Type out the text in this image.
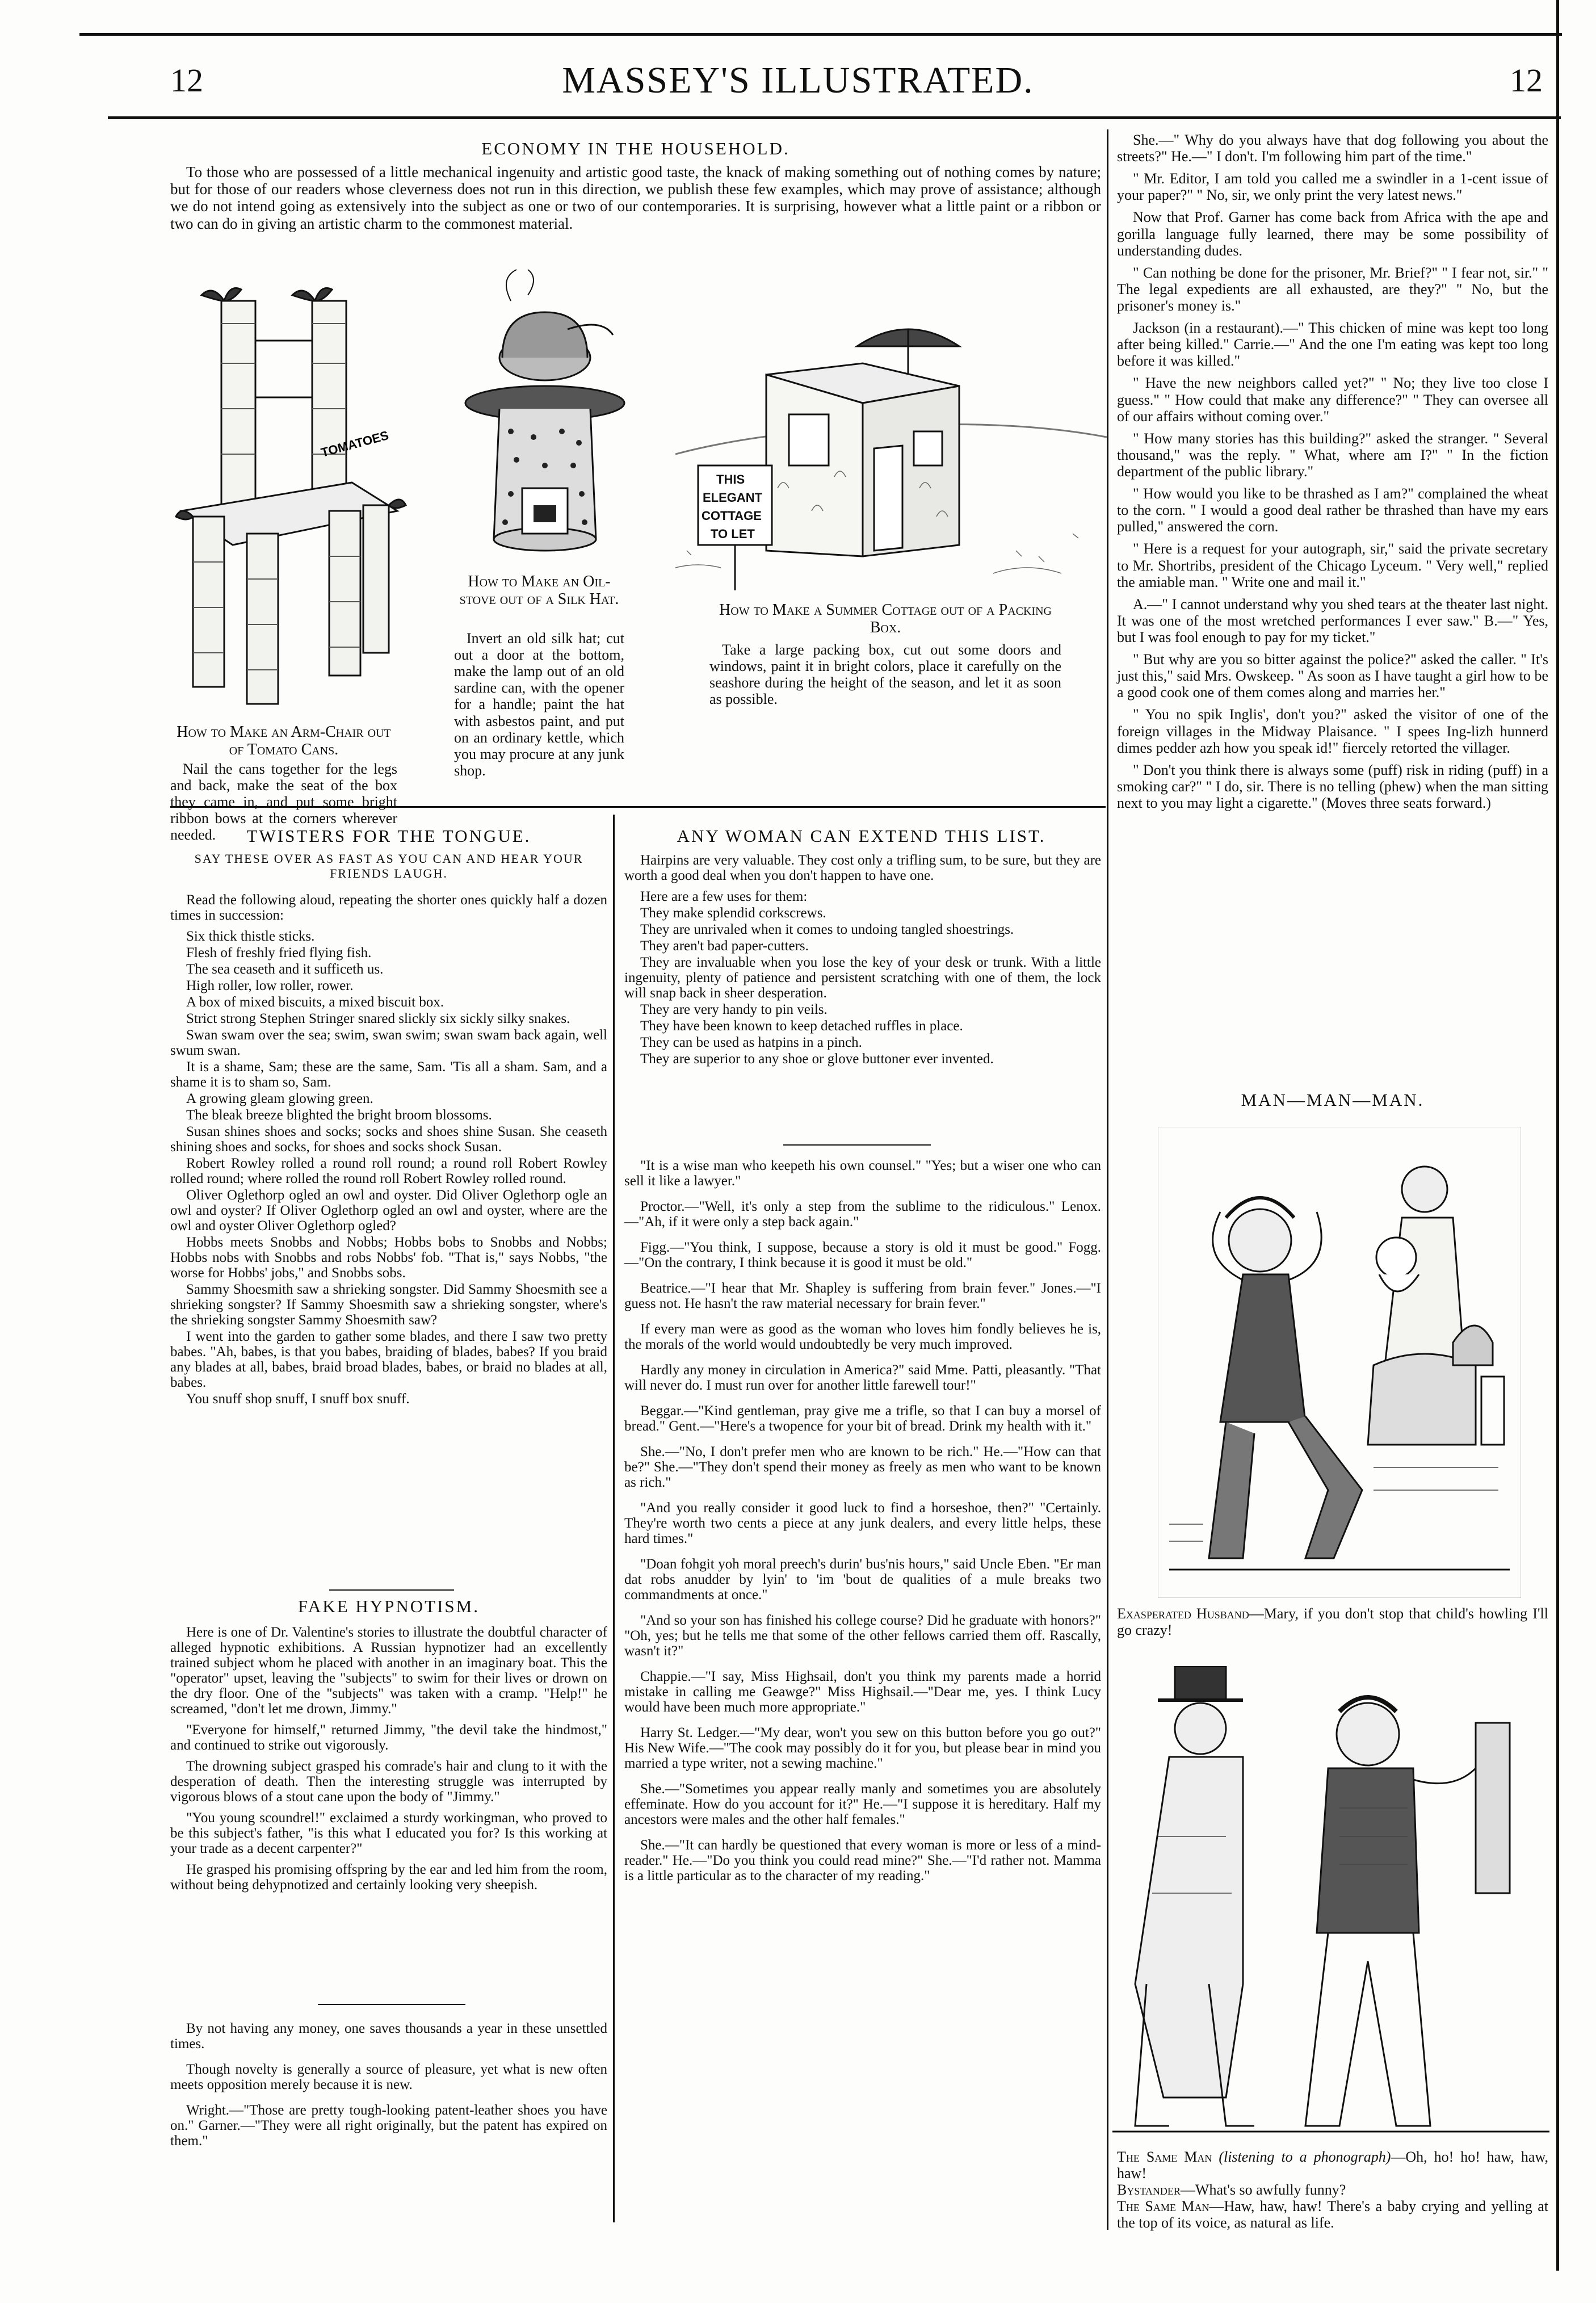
12	MASSEY'S ILLUSTRATED.	12
ECONOMY IN THE HOUSEHOLD.

To those who are possessed of a little mechanical ingenuity and artistic good taste, the knack of making something out of nothing comes by nature; but for those of our readers whose cleverness does not run in this direction, we publish these few examples, which may prove of assistance; although we do not intend going as extensively into the subject as one or two of our contemporaries. It is surprising, however what a little paint or a ribbon or two can do in giving an artistic charm to the commonest material.

TOMATOES
How to Make an Arm-Chair out of Tomato Cans.

Nail the cans together for the legs and back, make the seat of the box they came in, and put some bright ribbon bows at the corners wherever needed.

How to Make an Oil-stove out of a Silk Hat.

Invert an old silk hat; cut out a door at the bottom, make the lamp out of an old sardine can, with the opener for a handle; paint the hat with asbestos paint, and put on an ordinary kettle, which you may procure at any junk shop.

THIS
ELEGANT
COTTAGE
TO LET
How to Make a Summer Cottage out of a Packing Box.

Take a large packing box, cut out some doors and windows, paint it in bright colors, place it carefully on the seashore during the height of the season, and let it as soon as possible.

She.—" Why do you always have that dog following you about the streets?" He.—" I don't. I'm following him part of the time."

" Mr. Editor, I am told you called me a swindler in a 1-cent issue of your paper?" " No, sir, we only print the very latest news."

Now that Prof. Garner has come back from Africa with the ape and gorilla language fully learned, there may be some possibility of understanding dudes.

" Can nothing be done for the prisoner, Mr. Brief?" " I fear not, sir." " The legal expedients are all exhausted, are they?" " No, but the prisoner's money is."

Jackson (in a restaurant).—" This chicken of mine was kept too long after being killed." Carrie.—" And the one I'm eating was kept too long before it was killed."

" Have the new neighbors called yet?" " No; they live too close I guess." " How could that make any difference?" " They can oversee all of our affairs without coming over."

" How many stories has this building?" asked the stranger. " Several thousand," was the reply. " What, where am I?" " In the fiction department of the public library."

" How would you like to be thrashed as I am?" complained the wheat to the corn. " I would a good deal rather be thrashed than have my ears pulled," answered the corn.

" Here is a request for your autograph, sir," said the private secretary to Mr. Shortribs, president of the Chicago Lyceum. " Very well," replied the amiable man. " Write one and mail it."

A.—" I cannot understand why you shed tears at the theater last night. It was one of the most wretched performances I ever saw." B.—" Yes, but I was fool enough to pay for my ticket."

" But why are you so bitter against the police?" asked the caller. " It's just this," said Mrs. Owskeep. " As soon as I have taught a girl how to be a good cook one of them comes along and marries her."

" You no spik Inglis', don't you?" asked the visitor of one of the foreign villages in the Midway Plaisance. " I spees Ing-lizh hunnerd dimes pedder azh how you speak id!" fiercely retorted the villager.

" Don't you think there is always some (puff) risk in riding (puff) in a smoking car?" " I do, sir. There is no telling (phew) when the man sitting next to you may light a cigarette." (Moves three seats forward.)

MAN—MAN—MAN.

Exasperated Husband—Mary, if you don't stop that child's howling I'll go crazy!

The Same Man (listening to a phonograph)—Oh, ho! ho! haw, haw, haw!

Bystander—What's so awfully funny?

The Same Man—Haw, haw, haw! There's a baby crying and yelling at the top of its voice, as natural as life.

TWISTERS FOR THE TONGUE.
SAY THESE OVER AS FAST AS YOU CAN AND HEAR YOUR FRIENDS LAUGH.

Read the following aloud, repeating the shorter ones quickly half a dozen times in succession:

Six thick thistle sticks.

Flesh of freshly fried flying fish.

The sea ceaseth and it sufficeth us.

High roller, low roller, rower.

A box of mixed biscuits, a mixed biscuit box.

Strict strong Stephen Stringer snared slickly six sickly silky snakes.

Swan swam over the sea; swim, swan swim; swan swam back again, well swum swan.

It is a shame, Sam; these are the same, Sam. 'Tis all a sham. Sam, and a shame it is to sham so, Sam.

A growing gleam glowing green.

The bleak breeze blighted the bright broom blossoms.

Susan shines shoes and socks; socks and shoes shine Susan. She ceaseth shining shoes and socks, for shoes and socks shock Susan.

Robert Rowley rolled a round roll round; a round roll Robert Rowley rolled round; where rolled the round roll Robert Rowley rolled round.

Oliver Oglethorp ogled an owl and oyster. Did Oliver Oglethorp ogle an owl and oyster? If Oliver Oglethorp ogled an owl and oyster, where are the owl and oyster Oliver Oglethorp ogled?

Hobbs meets Snobbs and Nobbs; Hobbs bobs to Snobbs and Nobbs; Hobbs nobs with Snobbs and robs Nobbs' fob. "That is," says Nobbs, "the worse for Hobbs' jobs," and Snobbs sobs.

Sammy Shoesmith saw a shrieking songster. Did Sammy Shoesmith see a shrieking songster? If Sammy Shoesmith saw a shrieking songster, where's the shrieking songster Sammy Shoesmith saw?

I went into the garden to gather some blades, and there I saw two pretty babes. "Ah, babes, is that you babes, braiding of blades, babes? If you braid any blades at all, babes, braid broad blades, babes, or braid no blades at all, babes.

You snuff shop snuff, I snuff box snuff.

FAKE HYPNOTISM.

Here is one of Dr. Valentine's stories to illustrate the doubtful character of alleged hypnotic exhibitions. A Russian hypnotizer had an excellently trained subject whom he placed with another in an imaginary boat. This the "operator" upset, leaving the "subjects" to swim for their lives or drown on the dry floor. One of the "subjects" was taken with a cramp. "Help!" he screamed, "don't let me drown, Jimmy."

"Everyone for himself," returned Jimmy, "the devil take the hindmost," and continued to strike out vigorously.

The drowning subject grasped his comrade's hair and clung to it with the desperation of death. Then the interesting struggle was interrupted by vigorous blows of a stout cane upon the body of "Jimmy."

"You young scoundrel!" exclaimed a sturdy workingman, who proved to be this subject's father, "is this what I educated you for? Is this working at your trade as a decent carpenter?"

He grasped his promising offspring by the ear and led him from the room, without being dehypnotized and certainly looking very sheepish.

By not having any money, one saves thousands a year in these unsettled times.

Though novelty is generally a source of pleasure, yet what is new often meets opposition merely because it is new.

Wright.—"Those are pretty tough-looking patent-leather shoes you have on." Garner.—"They were all right originally, but the patent has expired on them."

ANY WOMAN CAN EXTEND THIS LIST.

Hairpins are very valuable. They cost only a trifling sum, to be sure, but they are worth a good deal when you don't happen to have one.

Here are a few uses for them:

They make splendid corkscrews.

They are unrivaled when it comes to undoing tangled shoestrings.

They aren't bad paper-cutters.

They are invaluable when you lose the key of your desk or trunk. With a little ingenuity, plenty of patience and persistent scratching with one of them, the lock will snap back in sheer desperation.

They are very handy to pin veils.

They have been known to keep detached ruffles in place.

They can be used as hatpins in a pinch.

They are superior to any shoe or glove buttoner ever invented.

"It is a wise man who keepeth his own counsel." "Yes; but a wiser one who can sell it like a lawyer."

Proctor.—"Well, it's only a step from the sublime to the ridiculous." Lenox.—"Ah, if it were only a step back again."

Figg.—"You think, I suppose, because a story is old it must be good." Fogg.—"On the contrary, I think because it is good it must be old."

Beatrice.—"I hear that Mr. Shapley is suffering from brain fever." Jones.—"I guess not. He hasn't the raw material necessary for brain fever."

If every man were as good as the woman who loves him fondly believes he is, the morals of the world would undoubtedly be very much improved.

Hardly any money in circulation in America?" said Mme. Patti, pleasantly. "That will never do. I must run over for another little farewell tour!"

Beggar.—"Kind gentleman, pray give me a trifle, so that I can buy a morsel of bread." Gent.—"Here's a twopence for your bit of bread. Drink my health with it."

She.—"No, I don't prefer men who are known to be rich." He.—"How can that be?" She.—"They don't spend their money as freely as men who want to be known as rich."

"And you really consider it good luck to find a horseshoe, then?" "Certainly. They're worth two cents a piece at any junk dealers, and every little helps, these hard times."

"Doan fohgit yoh moral preech's durin' bus'nis hours," said Uncle Eben. "Er man dat robs anudder by lyin' to 'im 'bout de qualities of a mule breaks two commandments at once."

"And so your son has finished his college course? Did he graduate with honors?" "Oh, yes; but he tells me that some of the other fellows carried them off. Rascally, wasn't it?"

Chappie.—"I say, Miss Highsail, don't you think my parents made a horrid mistake in calling me Geawge?" Miss Highsail.—"Dear me, yes. I think Lucy would have been much more appropriate."

Harry St. Ledger.—"My dear, won't you sew on this button before you go out?" His New Wife.—"The cook may possibly do it for you, but please bear in mind you married a type writer, not a sewing machine."

She.—"Sometimes you appear really manly and sometimes you are absolutely effeminate. How do you account for it?" He.—"I suppose it is hereditary. Half my ancestors were males and the other half females."

She.—"It can hardly be questioned that every woman is more or less of a mind-reader." He.—"Do you think you could read mine?" She.—"I'd rather not. Mamma is a little particular as to the character of my reading."
